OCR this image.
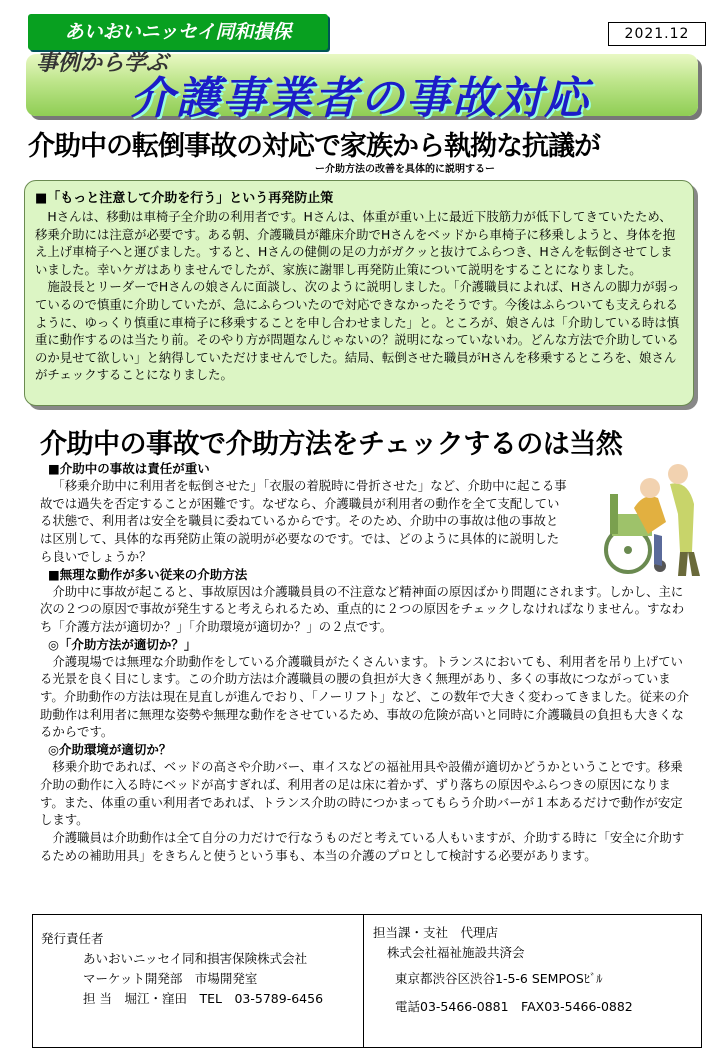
あいおいニッセイ同和損保	2021.12
事例から学ぶ
介護事業者の事故対応
介助中の転倒事故の対応で家族から執拗な抗議が
ー介助方法の改善を具体的に説明するー
■「もっと注意して介助を行う」という再発防止策

Hさんは、移動は車椅子全介助の利用者です。Hさんは、体重が重い上に最近下肢筋力が低下してきていたため、移乗介助には注意が必要です。ある朝、介護職員が離床介助でHさんをベッドから車椅子に移乗しようと、身体を抱え上げ車椅子へと運びました。すると、Hさんの健側の足の力がガクッと抜けてふらつき、Hさんを転倒させてしまいました。幸いケガはありませんでしたが、家族に謝罪し再発防止策について説明をすることになりました。

施設長とリーダーでHさんの娘さんに面談し、次のように説明しました。「介護職員によれば、Hさんの脚力が弱っているので慎重に介助していたが、急にふらついたので対応できなかったそうです。今後はふらついても支えられるように、ゆっくり慎重に車椅子に移乗することを申し合わせました」と。ところが、娘さんは「介助している時は慎重に動作するのは当たり前。そのやり方が問題なんじゃないの？説明になっていないわ。どんな方法で介助しているのか見せて欲しい」と納得していただけませんでした。結局、転倒させた職員がHさんを移乗するところを、娘さんがチェックすることになりました。

介助中の事故で介助方法をチェックするのは当然
■介助中の事故は責任が重い

「移乗介助中に利用者を転倒させた」「衣服の着脱時に骨折させた」など、介助中に起こる事故では過失を否定することが困難です。なぜなら、介護職員が利用者の動作を全て支配している状態で、利用者は安全を職員に委ねているからです。そのため、介助中の事故は他の事故とは区別して、具体的な再発防止策の説明が必要なのです。では、どのように具体的に説明したら良いでしょうか？

■無理な動作が多い従来の介助方法

介助中に事故が起こると、事故原因は介護職員員の不注意など精神面の原因ばかり問題にされます。しかし、主に次の２つの原因で事故が発生すると考えられるため、重点的に２つの原因をチェックしなければなりません。すなわち「介護方法が適切か？」「介助環境が適切か？」の２点です。

◎「介助方法が適切か？」

介護現場では無理な介助動作をしている介護職員がたくさんいます。トランスにおいても、利用者を吊り上げている光景を良く目にします。この介助方法は介護職員の腰の負担が大きく無理があり、多くの事故につながっています。介助動作の方法は現在見直しが進んでおり、「ノーリフト」など、この数年で大きく変わってきました。従来の介助動作は利用者に無理な姿勢や無理な動作をさせているため、事故の危険が高いと同時に介護職員の負担も大きくなるからです。

◎介助環境が適切か？

移乗介助であれば、ベッドの高さや介助バー、車イスなどの福祉用具や設備が適切かどうかということです。移乗介助の動作に入る時にベッドが高すぎれば、利用者の足は床に着かず、ずり落ちの原因やふらつきの原因になります。また、体重の重い利用者であれば、トランス介助の時につかまってもらう介助バーが１本あるだけで動作が安定します。

介護職員は介助動作は全て自分の力だけで行なうものだと考えている人もいますが、介助する時に「安全に介助するための補助用具」をきちんと使うという事も、本当の介護のプロとして検討する必要があります。

発行責任者
あいおいニッセイ同和損害保険株式会社
マーケット開発部　市場開発室
担 当　堀江・窪田　TEL　03-5789-6456
担当課・支社　代理店
株式会社福祉施設共済会
東京都渋谷区渋谷1-5-6 SEMPOSﾋﾞﾙ
電話03-5466-0881　FAX03-5466-0882
